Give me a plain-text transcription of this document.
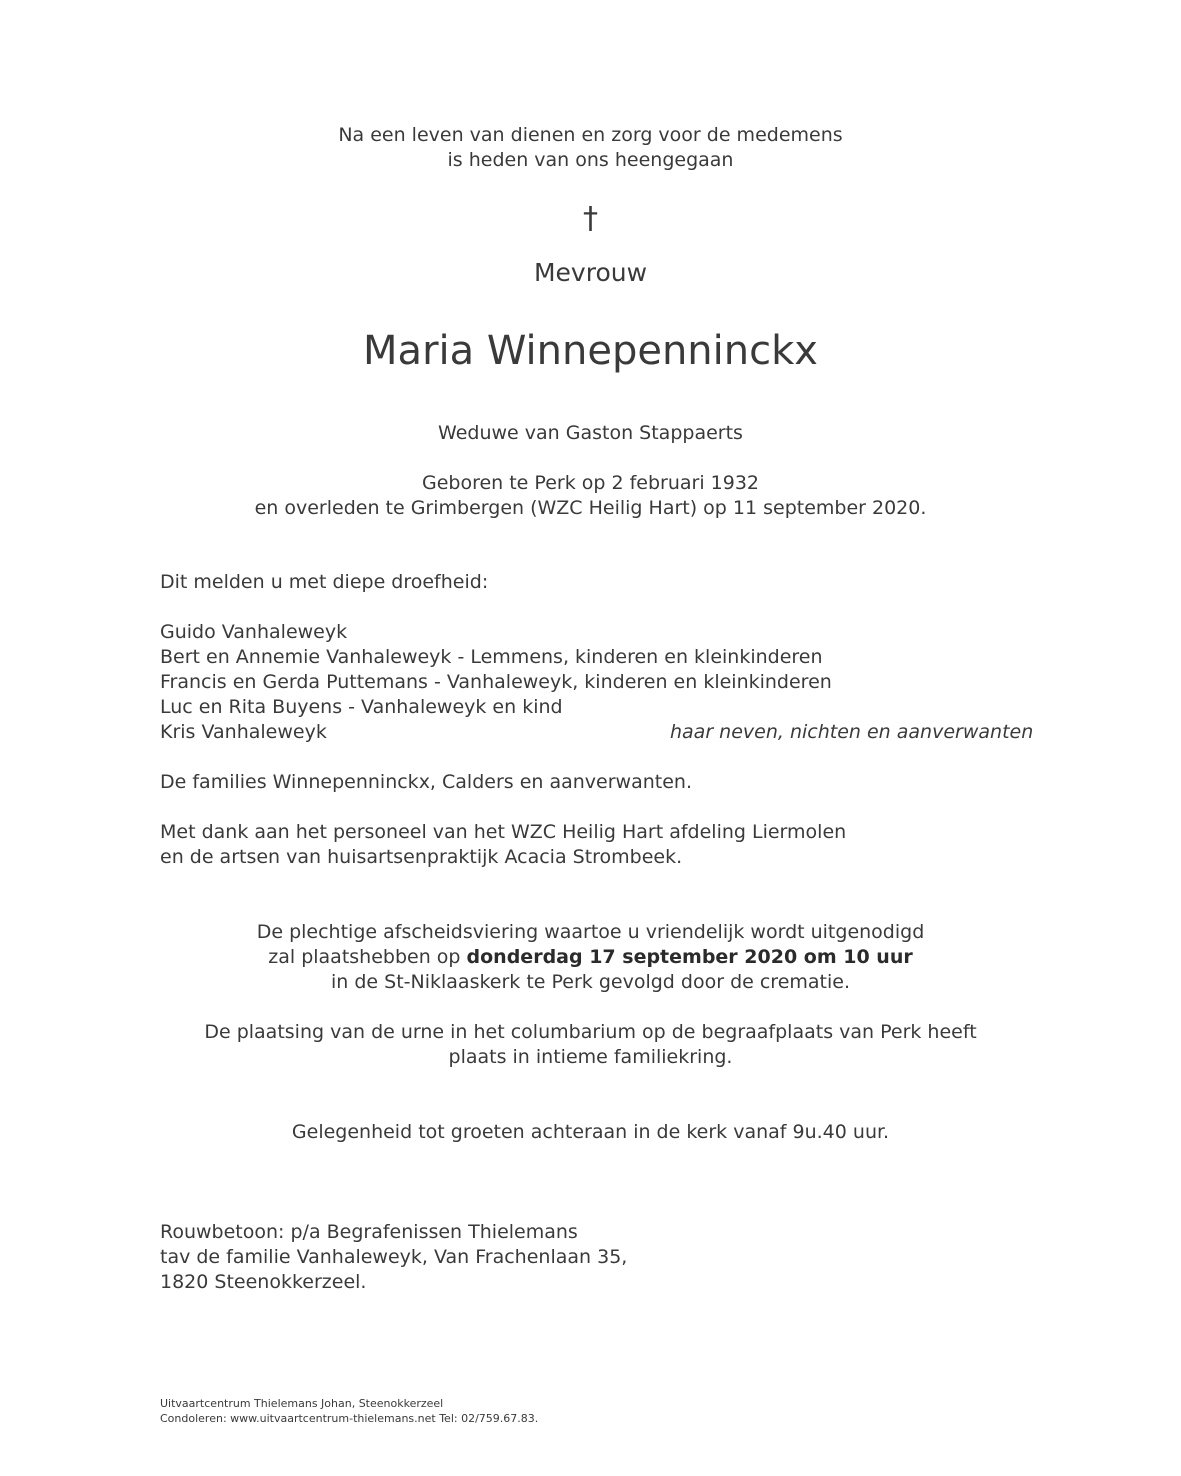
Na een leven van dienen en zorg voor de medemens
is heden van ons heengegaan
†
Mevrouw
Maria Winnepenninckx
Weduwe van Gaston Stappaerts
Geboren te Perk op 2 februari 1932
en overleden te Grimbergen (WZC Heilig Hart) op 11 september 2020.
Dit melden u met diepe droefheid:
Guido Vanhaleweyk
Bert en Annemie Vanhaleweyk - Lemmens, kinderen en kleinkinderen
Francis en Gerda Puttemans - Vanhaleweyk, kinderen en kleinkinderen
Luc en Rita Buyens - Vanhaleweyk en kind
Kris Vanhaleweyk	haar neven, nichten en aanverwanten
De families Winnepenninckx, Calders en aanverwanten.
Met dank aan het personeel van het WZC Heilig Hart afdeling Liermolen
en de artsen van huisartsenpraktijk Acacia Strombeek.
De plechtige afscheidsviering waartoe u vriendelijk wordt uitgenodigd
zal plaatshebben op donderdag 17 september 2020 om 10 uur
in de St-Niklaaskerk te Perk gevolgd door de crematie.
De plaatsing van de urne in het columbarium op de begraafplaats van Perk heeft
plaats in intieme familiekring.
Gelegenheid tot groeten achteraan in de kerk vanaf 9u.40 uur.
Rouwbetoon: p/a Begrafenissen Thielemans
tav de familie Vanhaleweyk, Van Frachenlaan 35,
1820 Steenokkerzeel.
Uitvaartcentrum Thielemans Johan, Steenokkerzeel
Condoleren: www.uitvaartcentrum-thielemans.net Tel: 02/759.67.83.
